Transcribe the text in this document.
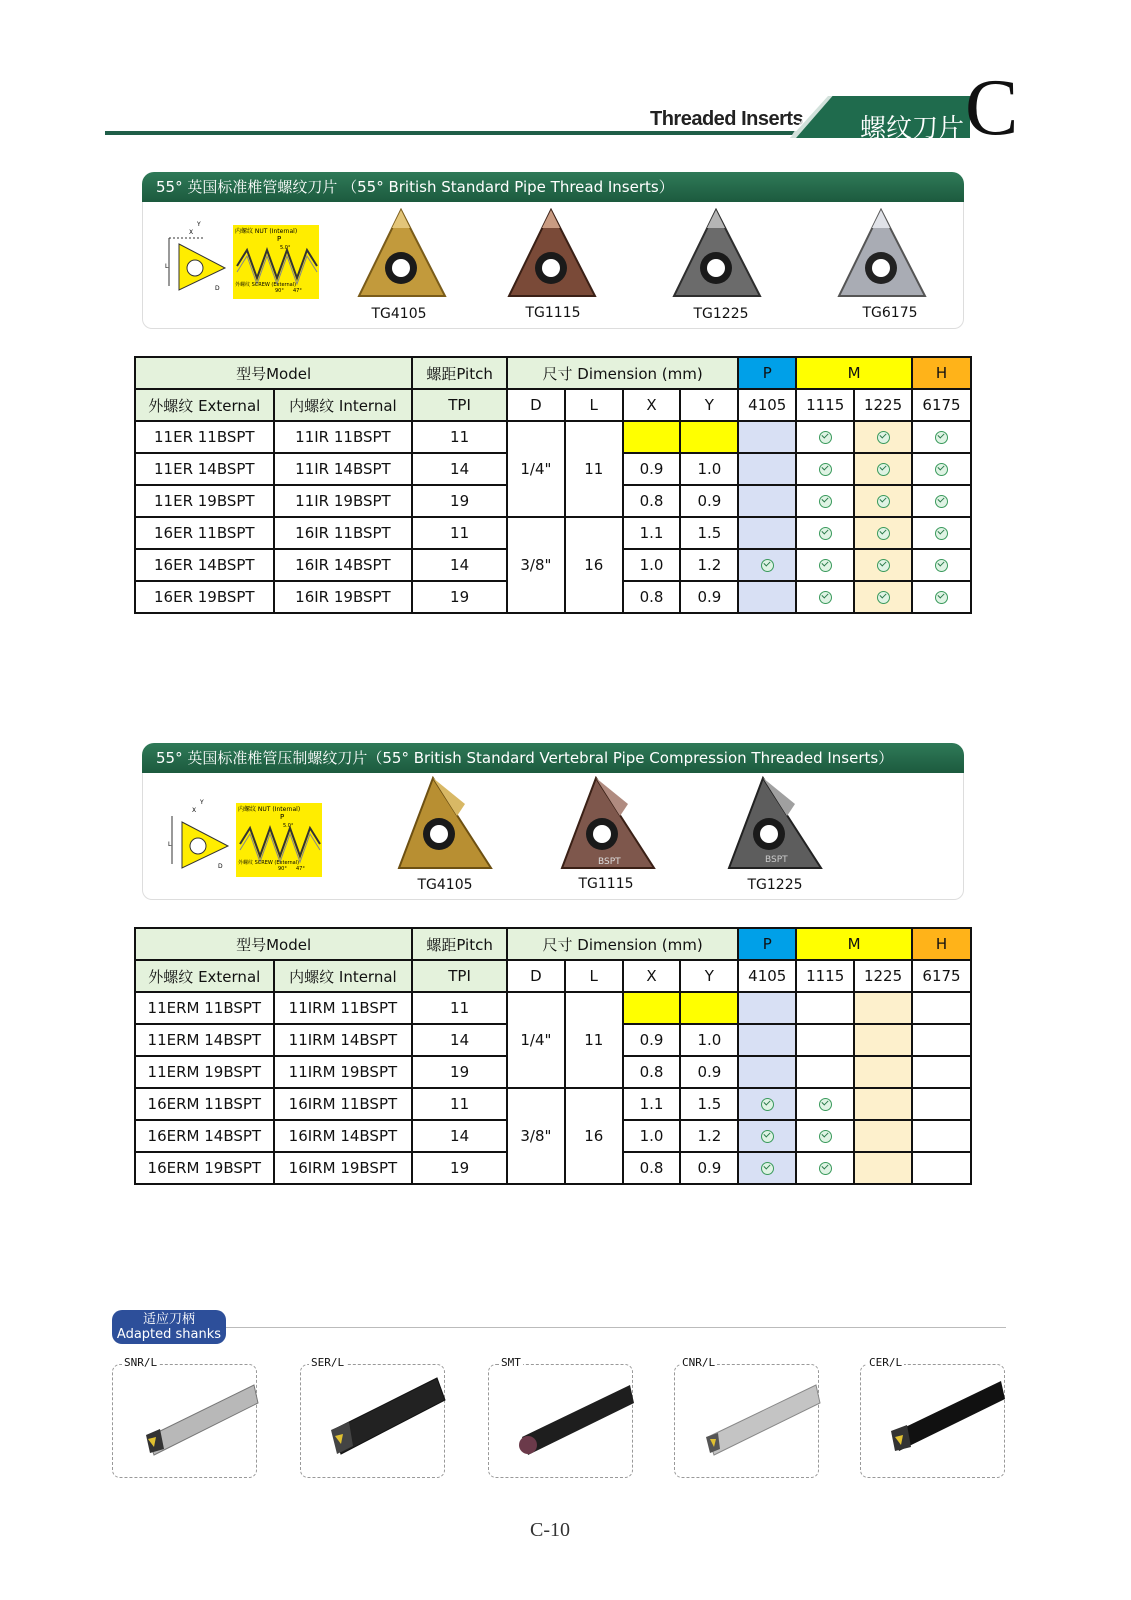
Threaded Inserts 螺纹刀片 C
55° 英国标准椎管螺纹刀片 （55° British Standard Pipe Thread Inserts）
内螺纹 NUT (Internal)
外螺纹 SCREW (External)
P
5.0°
90° 47°
X
Y
D
L
TG4105	TG1115	TG1225	TG6175
型号Model		螺距Pitch	尺寸 Dimension (mm)				P	M		H
外螺纹 External	内螺纹 Internal	TPI	D	L	X	Y	4105	1115	1225	6175
11ER 11BSPT	11IR 11BSPT	11	1/4"	11						
11ER 14BSPT	11IR 14BSPT	14			0.9	1.0				
11ER 19BSPT	11IR 19BSPT	19			0.8	0.9				
16ER 11BSPT	16IR 11BSPT	11	3/8"	16	1.1	1.5				
16ER 14BSPT	16IR 14BSPT	14			1.0	1.2				
16ER 19BSPT	16IR 19BSPT	19			0.8	0.9				
55° 英国标准椎管压制螺纹刀片（55° British Standard Vertebral Pipe Compression Threaded Inserts）
内螺纹 NUT (Internal)
外螺纹 SCREW (External)
P
5.0°
90° 47°
X
Y
D
L
BSPT	BSPT
TG4105	TG1115	TG1225
型号Model		螺距Pitch	尺寸 Dimension (mm)				P	M		H
外螺纹 External	内螺纹 Internal	TPI	D	L	X	Y	4105	1115	1225	6175
11ERM 11BSPT	11IRM 11BSPT	11	1/4"	11						
11ERM 14BSPT	11IRM 14BSPT	14			0.9	1.0				
11ERM 19BSPT	11IRM 19BSPT	19			0.8	0.9				
16ERM 11BSPT	16IRM 11BSPT	11	3/8"	16	1.1	1.5				
16ERM 14BSPT	16IRM 14BSPT	14			1.0	1.2				
16ERM 19BSPT	16IRM 19BSPT	19			0.8	0.9				
适应刀柄
Adapted shanks
SNR/L	SER/L	SMT	CNR/L	CER/L
C-10
